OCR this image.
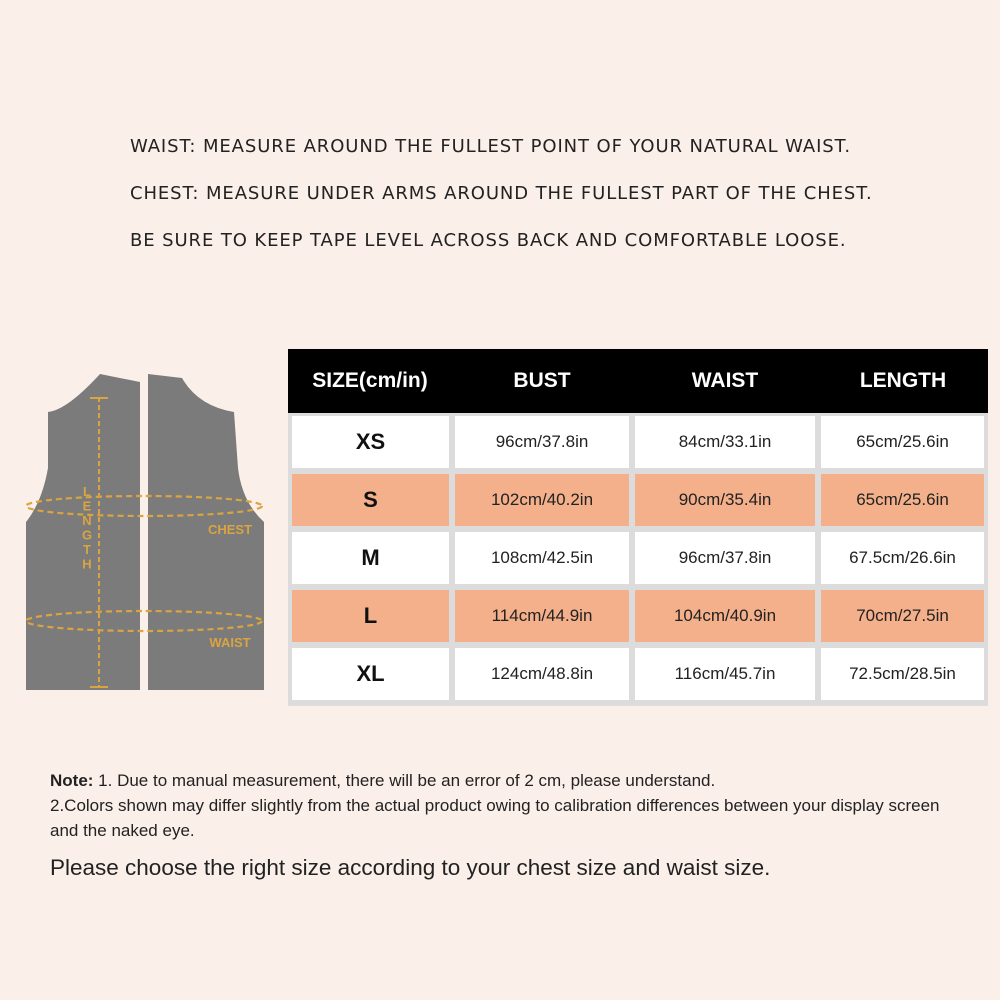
WAIST: MEASURE AROUND THE FULLEST POINT OF YOUR NATURAL WAIST.
CHEST: MEASURE UNDER ARMS AROUND THE FULLEST PART OF THE CHEST.
BE SURE TO KEEP TAPE LEVEL ACROSS BACK AND COMFORTABLE LOOSE.
L E N G T H
CHEST
WAIST
SIZE(cm/in)	BUST	WAIST	LENGTH

XS	96cm/37.8in	84cm/33.1in	65cm/25.6in

S	102cm/40.2in	90cm/35.4in	65cm/25.6in

M	108cm/42.5in	96cm/37.8in	67.5cm/26.6in

L	114cm/44.9in	104cm/40.9in	70cm/27.5in

XL	124cm/48.8in	116cm/45.7in	72.5cm/28.5in
Note: 1. Due to manual measurement, there will be an error of 2 cm, please understand.
2.Colors shown may differ slightly from the actual product owing to calibration differences between your display screen and the naked eye.
Please choose the right size according to your chest size and waist size.
